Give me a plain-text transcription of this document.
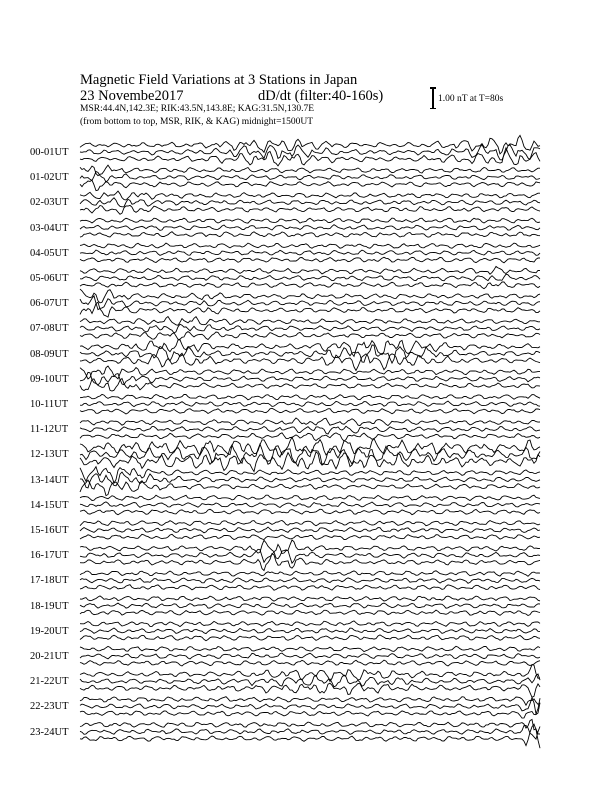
Magnetic Field Variations at 3 Stations in Japan
23 Novembe2017	dD/dt (filter:40-160s)
MSR:44.4N,142.3E; RIK:43.5N,143.8E; KAG:31.5N,130.7E
(from bottom to top, MSR, RIK, & KAG) midnight=1500UT
1.00 nT at T=80s
00-01UT
01-02UT
02-03UT
03-04UT
04-05UT
05-06UT
06-07UT
07-08UT
08-09UT
09-10UT
10-11UT
11-12UT
12-13UT
13-14UT
14-15UT
15-16UT
16-17UT
17-18UT
18-19UT
19-20UT
20-21UT
21-22UT
22-23UT
23-24UT
